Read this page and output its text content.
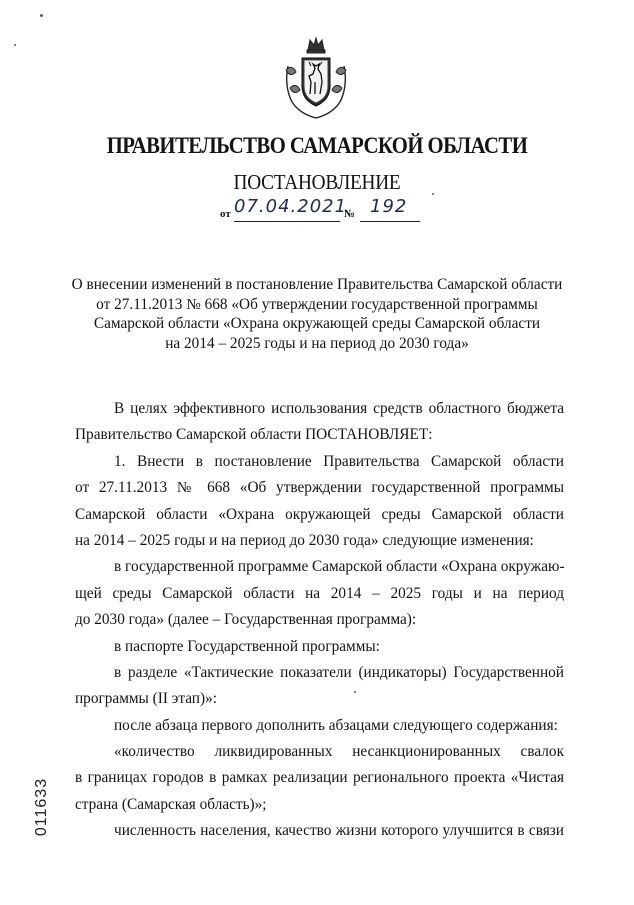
ПРАВИТЕЛЬСТВО САМАРСКОЙ ОБЛАСТИ
ПОСТАНОВЛЕНИЕ
от 07.04.2021
№ 192
О внесении изменений в постановление Правительства Самарской области
от 27.11.2013 № 668 «Об утверждении государственной программы
Самарской области «Охрана окружающей среды Самарской области
на 2014 – 2025 годы и на период до 2030 года»
В целях эффективного использования средств областного бюджета
Правительство Самарской области ПОСТАНОВЛЯЕТ:
1. Внести в постановление Правительства Самарской области
от 27.11.2013 № 668 «Об утверждении государственной программы
Самарской области «Охрана окружающей среды Самарской области
на 2014 – 2025 годы и на период до 2030 года» следующие изменения:
в государственной программе Самарской области «Охрана окружаю-
щей среды Самарской области на 2014 – 2025 годы и на период
до 2030 года» (далее – Государственная программа):
в паспорте Государственной программы:
в разделе «Тактические показатели (индикаторы) Государственной
программы (II этап)»:
после абзаца первого дополнить абзацами следующего содержания:
«количество ликвидированных несанкционированных свалок
в границах городов в рамках реализации регионального проекта «Чистая
страна (Самарская область)»;
численность населения, качество жизни которого улучшится в связи
011633
